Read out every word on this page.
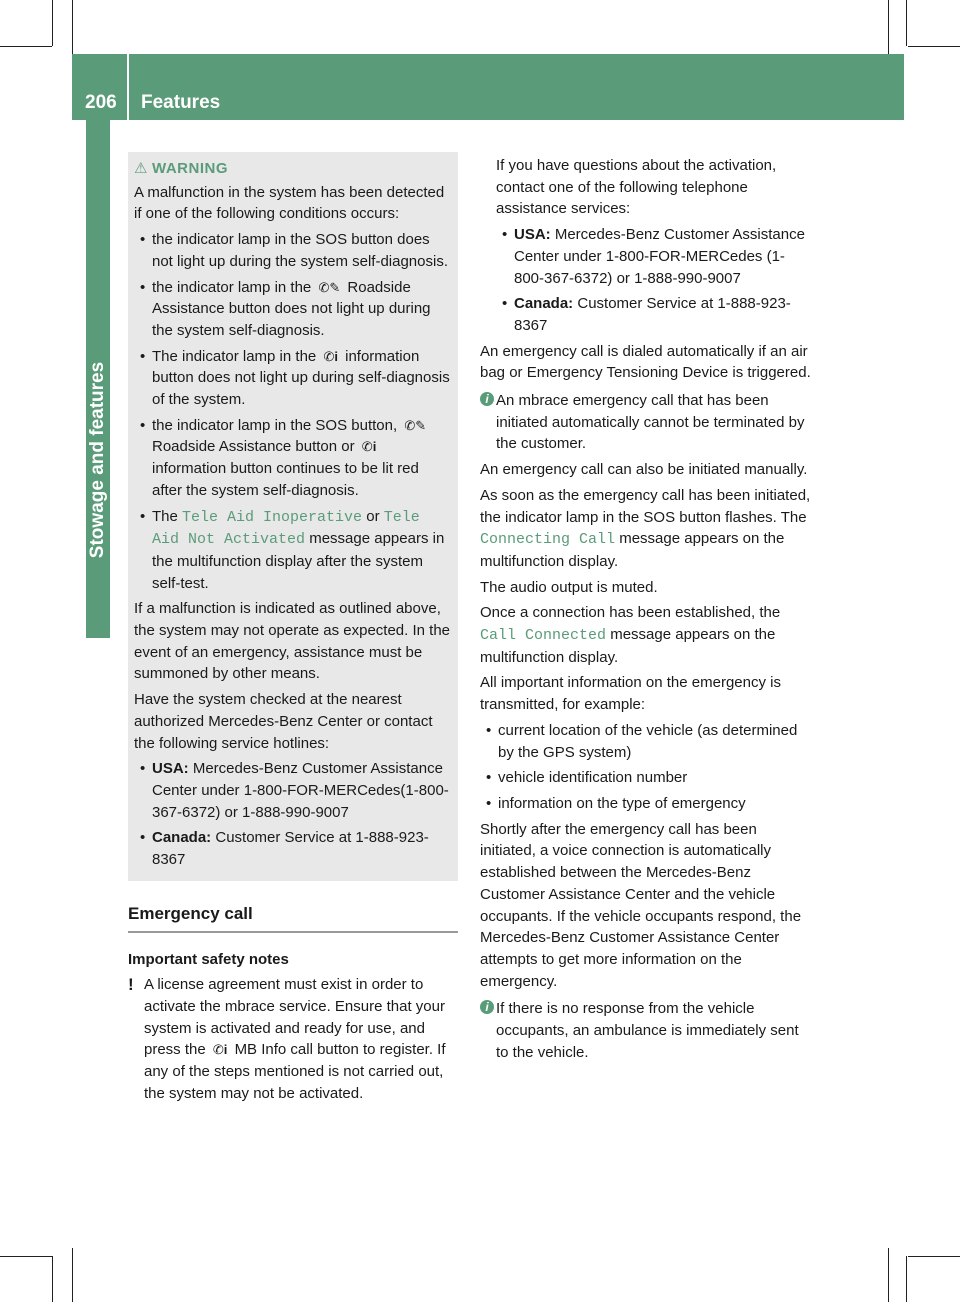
206 Features
Stowage and features
⚠ WARNING

A malfunction in the system has been detected if one of the following conditions occurs:

• the indicator lamp in the SOS button does not light up during the system self-diagnosis.
• the indicator lamp in the ✆✎ Roadside Assistance button does not light up during the system self-diagnosis.
• The indicator lamp in the ✆i information button does not light up during self-diagnosis of the system.
• the indicator lamp in the SOS button, ✆✎ Roadside Assistance button or ✆i information button continues to be lit red after the system self-diagnosis.
• The Tele Aid Inoperative or Tele Aid Not Activated message appears in the multifunction display after the system self-test.

If a malfunction is indicated as outlined above, the system may not operate as expected. In the event of an emergency, assistance must be summoned by other means.

Have the system checked at the nearest authorized Mercedes-Benz Center or contact the following service hotlines:

• USA: Mercedes-Benz Customer Assistance Center under 1-800-FOR-MERCedes(1-800-367-6372) or 1-888-990-9007
• Canada: Customer Service at 1-888-923-8367
Emergency call
Important safety notes
! A license agreement must exist in order to activate the mbrace service. Ensure that your system is activated and ready for use, and press the ✆i MB Info call button to register. If any of the steps mentioned is not carried out, the system may not be activated.

If you have questions about the activation, contact one of the following telephone assistance services:

• USA: Mercedes-Benz Customer Assistance Center under 1-800-FOR-MERCedes (1-800-367-6372) or 1-888-990-9007
• Canada: Customer Service at 1-888-923-8367

An emergency call is dialed automatically if an air bag or Emergency Tensioning Device is triggered.

i An mbrace emergency call that has been initiated automatically cannot be terminated by the customer.

An emergency call can also be initiated manually.

As soon as the emergency call has been initiated, the indicator lamp in the SOS button flashes. The Connecting Call message appears on the multifunction display.

The audio output is muted.

Once a connection has been established, the Call Connected message appears on the multifunction display.

All important information on the emergency is transmitted, for example:

• current location of the vehicle (as determined by the GPS system)
• vehicle identification number
• information on the type of emergency

Shortly after the emergency call has been initiated, a voice connection is automatically established between the Mercedes-Benz Customer Assistance Center and the vehicle occupants. If the vehicle occupants respond, the Mercedes-Benz Customer Assistance Center attempts to get more information on the emergency.

i If there is no response from the vehicle occupants, an ambulance is immediately sent to the vehicle.
